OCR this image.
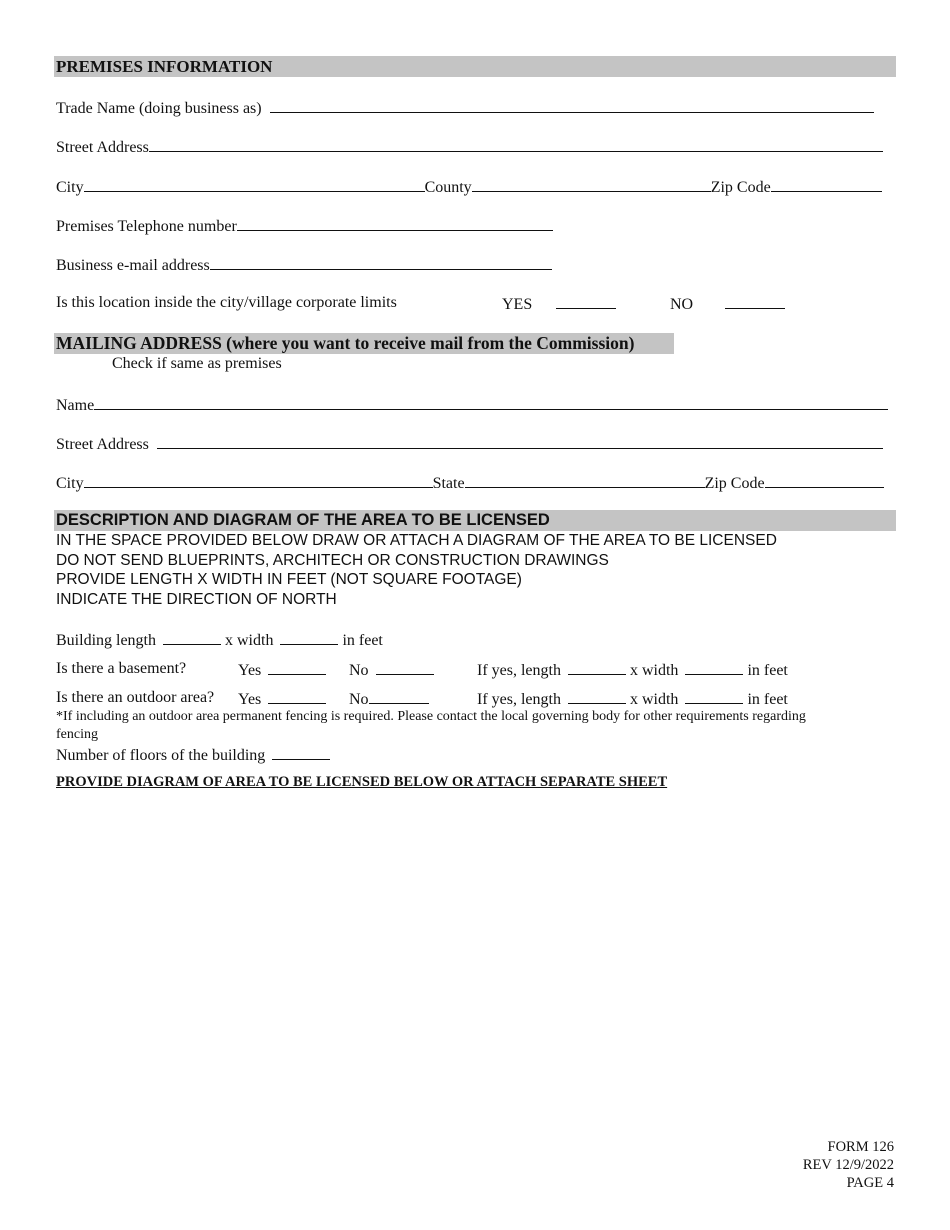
PREMISES INFORMATION
Trade Name (doing business as)
Street Address
City	County	Zip Code
Premises Telephone number
Business e-mail address
Is this location inside the city/village corporate limits	YES	NO
MAILING ADDRESS (where you want to receive mail from the Commission)
Check if same as premises
Name
Street Address
City	State	Zip Code
DESCRIPTION AND DIAGRAM OF THE AREA TO BE LICENSED
IN THE SPACE PROVIDED BELOW DRAW OR ATTACH A DIAGRAM OF THE AREA TO BE LICENSED
DO NOT SEND BLUEPRINTS, ARCHITECH OR CONSTRUCTION DRAWINGS
PROVIDE LENGTH X WIDTH IN FEET (NOT SQUARE FOOTAGE)
INDICATE THE DIRECTION OF NORTH
Building length	x width	in feet
Is there a basement?	Yes	No	If yes, length	x width	in feet
Is there an outdoor area? Yes	No	If yes, length	x width	in feet
*If including an outdoor area permanent fencing is required. Please contact the local governing body for other requirements regarding
fencing
Number of floors of the building
PROVIDE DIAGRAM OF AREA TO BE LICENSED BELOW OR ATTACH SEPARATE SHEET
FORM 126
REV 12/9/2022
PAGE 4
